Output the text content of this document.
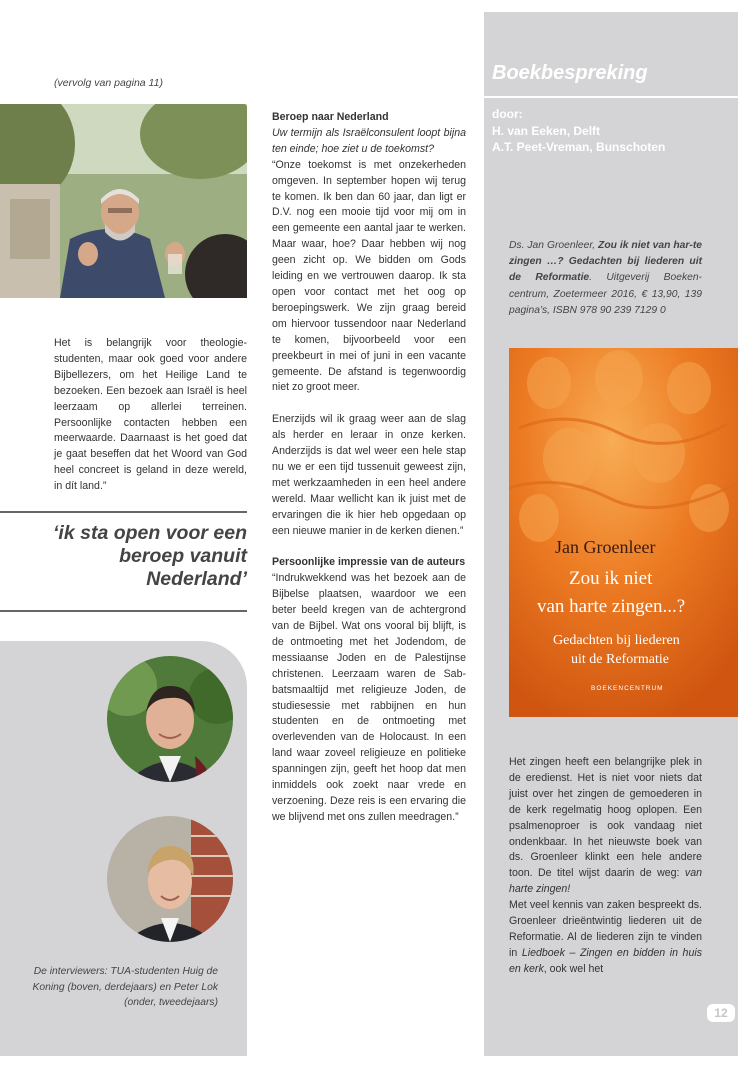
(vervolg van pagina 11)
Het is belangrijk voor theologie-studenten, maar ook goed voor andere Bijbellezers, om het Heilige Land te bezoeken. Een bezoek aan Israël is heel leerzaam op allerlei terreinen. Persoonlijke contacten hebben een meerwaarde. Daarnaast is het goed dat je gaat beseffen dat het Woord van God heel concreet is geland in deze wereld, in dít land.”
‘ik sta open voor een beroep vanuit Nederland’
De interviewers: TUA-studenten Huig de Koning (boven, derdejaars) en Peter Lok (onder, tweedejaars)

Beroep naar Nederland

Uw termijn als Israëlconsulent loopt bijna ten einde; hoe ziet u de toekomst?

“Onze toekomst is met onzekerheden omgeven. In september hopen wij terug te komen. Ik ben dan 60 jaar, dan ligt er D.V. nog een mooie tijd voor mij om in een gemeente een aantal jaar te werken. Maar waar, hoe? Daar hebben wij nog geen zicht op. We bidden om Gods leiding en we vertrouwen daarop. Ik sta open voor contact met het oog op beroepingswerk. We zijn graag bereid om hiervoor tussendoor naar Nederland te komen, bijvoorbeeld voor een preekbeurt in mei of juni in een vacante gemeente. De afstand is tegenwoordig niet zo groot meer.

Enerzijds wil ik graag weer aan de slag als herder en leraar in onze kerken. Anderzijds is dat wel weer een hele stap nu we er een tijd tussenuit geweest zijn, met werkzaamheden in een heel andere wereld. Maar wellicht kan ik juist met de ervaringen die ik hier heb opgedaan op een nieuwe manier in de kerken dienen.”

Persoonlijke impressie van de auteurs

“Indrukwekkend was het bezoek aan de Bijbelse plaatsen, waardoor we een beter beeld kregen van de achtergrond van de Bijbel. Wat ons vooral bij blijft, is de ontmoeting met het Jodendom, de messiaanse Joden en de Palestijnse christenen. Leerzaam waren de Sab-batsmaaltijd met religieuze Joden, de studiesessie met rabbijnen en hun studenten en de ontmoeting met overlevenden van de Holocaust. In een land waar zoveel religieuze en politieke spanningen zijn, geeft het hoop dat men inmiddels ook zoekt naar vrede en verzoening. Deze reis is een ervaring die we blijvend met ons zullen meedragen.”

Boekbespreking
door:
H. van Eeken, Delft
A.T. Peet-Vreman, Bunschoten
Ds. Jan Groenleer, Zou ik niet van har-te zingen …? Gedachten bij liederen uit de Reformatie. Uitgeverij Boeken-centrum, Zoetermeer 2016, € 13,90, 139 pagina’s, ISBN 978 90 239 7129 0
Jan Groenleer
Zou ik niet
van harte zingen...?
Gedachten bij liederen
uit de Reformatie
BOEKENCENTRUM

Het zingen heeft een belangrijke plek in de eredienst. Het is niet voor niets dat juist over het zingen de gemoederen in de kerk regelmatig hoog oplopen. Een psalmenoproer is ook vandaag niet ondenkbaar. In het nieuwste boek van ds. Groenleer klinkt een hele andere toon. De titel wijst daarin de weg: van harte zingen!

Met veel kennis van zaken bespreekt ds. Groenleer drieëntwintig liederen uit de Reformatie. Al de liederen zijn te vinden in Liedboek – Zingen en bidden in huis en kerk, ook wel het

12
